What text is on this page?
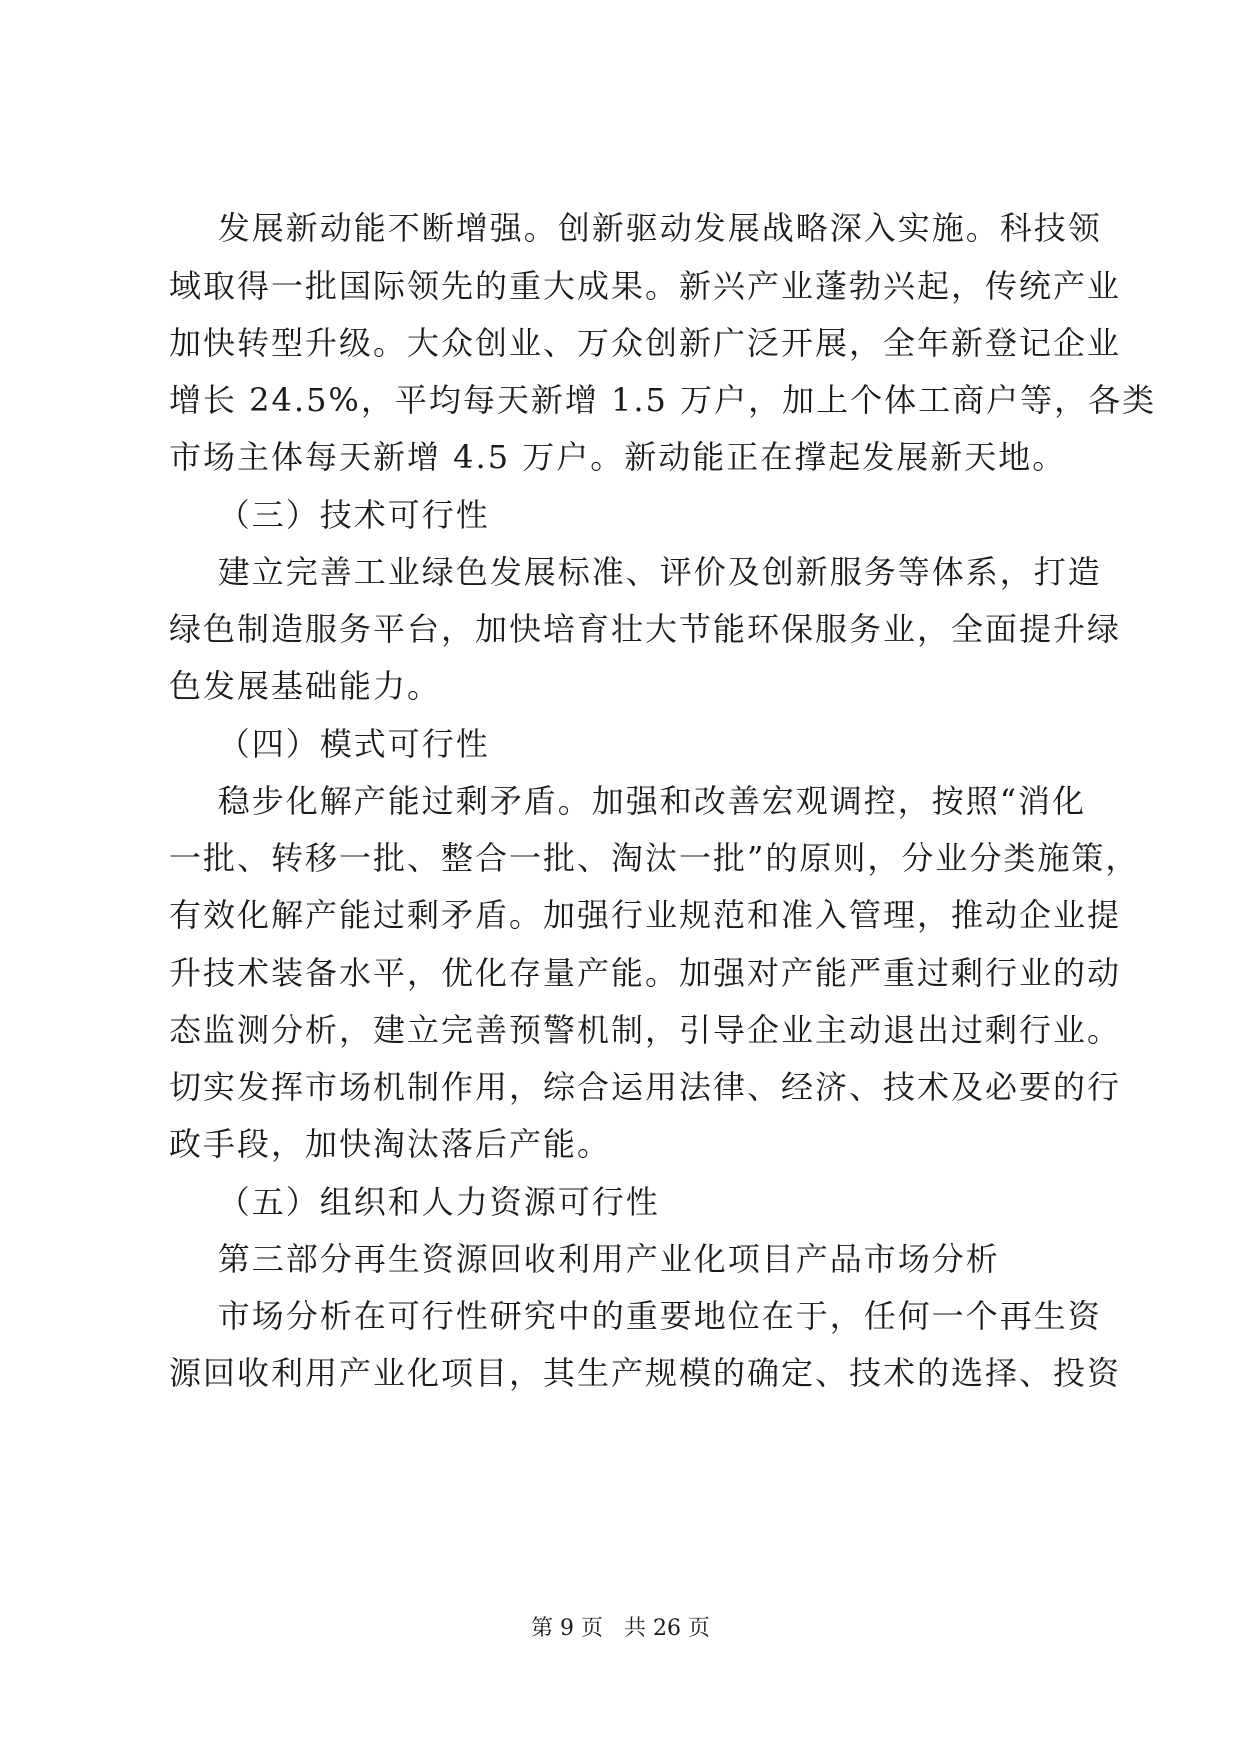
发展新动能不断增强。创新驱动发展战略深入实施。科技领
域取得一批国际领先的重大成果。新兴产业蓬勃兴起，传统产业
加快转型升级。大众创业、万众创新广泛开展，全年新登记企业
增长 24.5%，平均每天新增 1.5 万户，加上个体工商户等，各类
市场主体每天新增 4.5 万户。新动能正在撑起发展新天地。
（三）技术可行性
建立完善工业绿色发展标准、评价及创新服务等体系，打造
绿色制造服务平台，加快培育壮大节能环保服务业，全面提升绿
色发展基础能力。
（四）模式可行性
稳步化解产能过剩矛盾。加强和改善宏观调控，按照“消化
一批、转移一批、整合一批、淘汰一批”的原则，分业分类施策，
有效化解产能过剩矛盾。加强行业规范和准入管理，推动企业提
升技术装备水平，优化存量产能。加强对产能严重过剩行业的动
态监测分析，建立完善预警机制，引导企业主动退出过剩行业。
切实发挥市场机制作用，综合运用法律、经济、技术及必要的行
政手段，加快淘汰落后产能。
（五）组织和人力资源可行性
第三部分再生资源回收利用产业化项目产品市场分析
市场分析在可行性研究中的重要地位在于，任何一个再生资
源回收利用产业化项目，其生产规模的确定、技术的选择、投资
第 9 页 共 26 页
